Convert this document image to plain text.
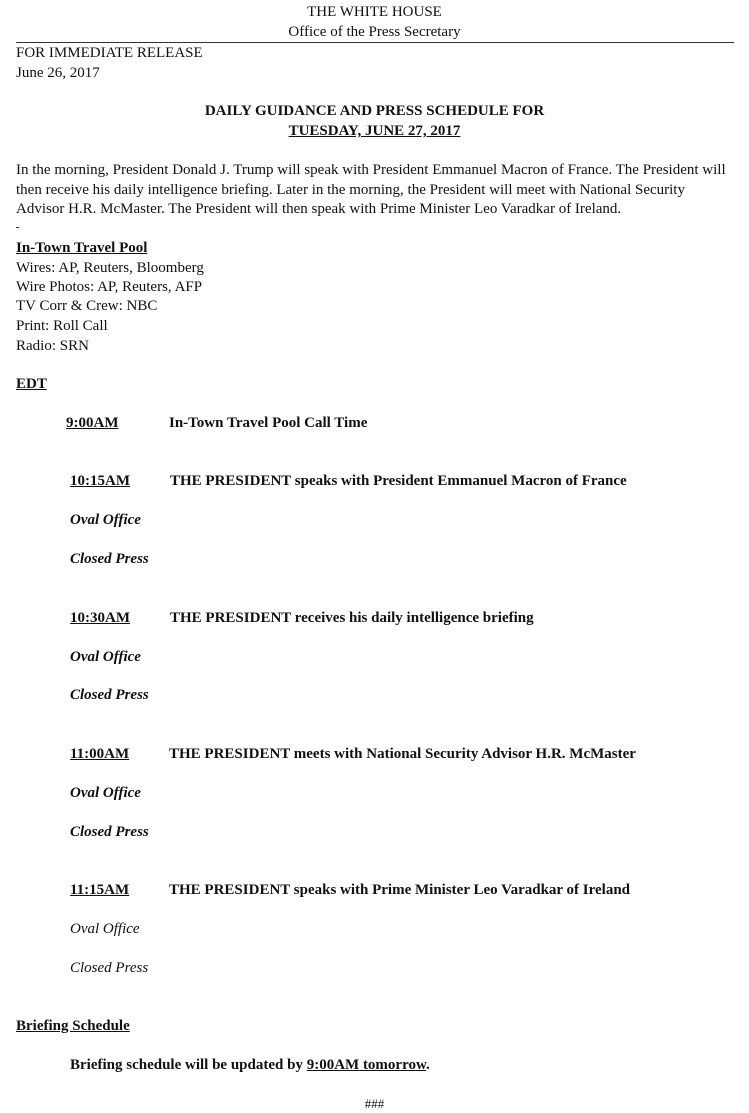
THE WHITE HOUSE
Office of the Press Secretary
FOR IMMEDIATE RELEASE
June 26, 2017
DAILY GUIDANCE AND PRESS SCHEDULE FOR
TUESDAY, JUNE 27, 2017
In the morning, President Donald J. Trump will speak with President Emmanuel Macron of France. The President will then receive his daily intelligence briefing. Later in the morning, the President will meet with National Security Advisor H.R. McMaster. The President will then speak with Prime Minister Leo Varadkar of Ireland.
In-Town Travel Pool
Wires: AP, Reuters, Bloomberg
Wire Photos: AP, Reuters, AFP
TV Corr & Crew: NBC
Print: Roll Call
Radio: SRN
EDT
9:00AM	In-Town Travel Pool Call Time
10:15AM	THE PRESIDENT speaks with President Emmanuel Macron of France
Oval Office
Closed Press
10:30AM	THE PRESIDENT receives his daily intelligence briefing
Oval Office
Closed Press
11:00AM	THE PRESIDENT meets with National Security Advisor H.R. McMaster
Oval Office
Closed Press
11:15AM	THE PRESIDENT speaks with Prime Minister Leo Varadkar of Ireland
Oval Office
Closed Press
Briefing Schedule
Briefing schedule will be updated by 9:00AM tomorrow.
###
